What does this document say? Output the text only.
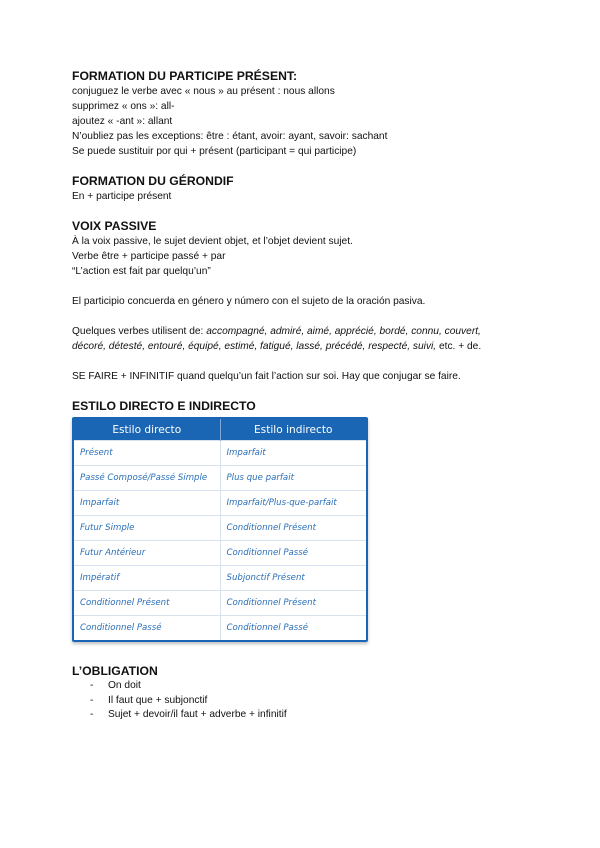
FORMATION DU PARTICIPE PRÉSENT:

conjuguez le verbe avec « nous » au présent : nous allons

supprimez « ons »: all-

ajoutez « -ant »: allant

N’oubliez pas les exceptions: être : étant, avoir: ayant, savoir: sachant

Se puede sustituir por qui + présent (participant = qui participe)

FORMATION DU GÉRONDIF

En + participe présent

VOIX PASSIVE

À la voix passive, le sujet devient objet, et l’objet devient sujet.

Verbe être + participe passé + par

“L’action est fait par quelqu’un”

El participio concuerda en género y número con el sujeto de la oración pasiva.

Quelques verbes utilisent de: accompagné, admiré, aimé, apprécié, bordé, connu, couvert,

décoré, détesté, entouré, équipé, estimé, fatigué, lassé, précédé, respecté, suivi, etc. + de.

SE FAIRE + INFINITIF quand quelqu’un fait l’action sur soi. Hay que conjugar se faire.

ESTILO DIRECTO E INDIRECTO
Estilo directo	Estilo indirecto
Présent	Imparfait
Passé Composé/Passé Simple	Plus que parfait
Imparfait	Imparfait/Plus-que-parfait
Futur Simple	Conditionnel Présent
Futur Antérieur	Conditionnel Passé
Impératif	Subjonctif Présent
Conditionnel Présent	Conditionnel Présent
Conditionnel Passé	Conditionnel Passé
L’OBLIGATION
-	On doit
-	Il faut que + subjonctif
-	Sujet + devoir/il faut + adverbe + infinitif
